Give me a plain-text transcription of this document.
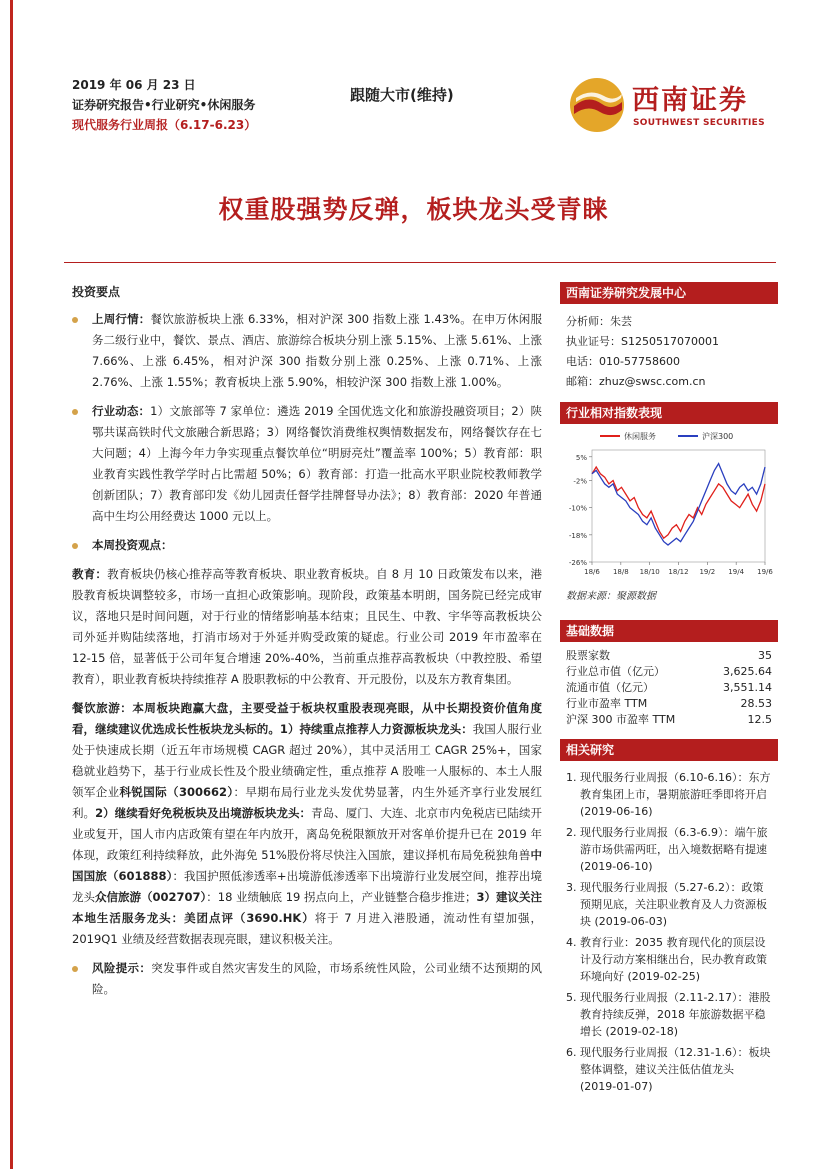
2019 年 06 月 23 日
证券研究报告•行业研究•休闲服务
现代服务行业周报（6.17-6.23）
跟随大市(维持)	西南证券
SOUTHWEST SECURITIES
权重股强势反弹，板块龙头受青睐
投资要点
上周行情：餐饮旅游板块上涨 6.33%，相对沪深 300 指数上涨 1.43%。在申万休闲服务二级行业中，餐饮、景点、酒店、旅游综合板块分别上涨 5.15%、上涨 5.61%、上涨 7.66%、上涨 6.45%，相对沪深 300 指数分别上涨 0.25%、上涨 0.71%、上涨 2.76%、上涨 1.55%；教育板块上涨 5.90%，相较沪深 300 指数上涨 1.00%。
行业动态：1）文旅部等 7 家单位：遴选 2019 全国优选文化和旅游投融资项目；2）陕鄂共谋高铁时代文旅融合新思路；3）网络餐饮消费维权舆情数据发布，网络餐饮存在七大问题；4）上海今年力争实现重点餐饮单位“明厨亮灶”覆盖率 100%；5）教育部：职业教育实践性教学学时占比需超 50%；6）教育部：打造一批高水平职业院校教师教学创新团队；7）教育部印发《幼儿园责任督学挂牌督导办法》；8）教育部：2020 年普通高中生均公用经费达 1000 元以上。
本周投资观点：
教育：教育板块仍核心推荐高等教育板块、职业教育板块。自 8 月 10 日政策发布以来，港股教育板块调整较多，市场一直担心政策影响。现阶段，政策基本明朗，国务院已经完成审议，落地只是时间问题，对于行业的情绪影响基本结束；且民生、中教、宇华等高教板块公司外延并购陆续落地，打消市场对于外延并购受政策的疑虑。行业公司 2019 年市盈率在 12-15 倍，显著低于公司年复合增速 20%-40%，当前重点推荐高教板块（中教控股、希望教育），职业教育板块持续推荐 A 股职教标的中公教育、开元股份，以及东方教育集团。
餐饮旅游：本周板块跑赢大盘，主要受益于板块权重股表现亮眼，从中长期投资价值角度看，继续建议优选成长性板块龙头标的。1）持续重点推荐人力资源板块龙头：我国人服行业处于快速成长期（近五年市场规模 CAGR 超过 20%），其中灵活用工 CAGR 25%+，国家稳就业趋势下，基于行业成长性及个股业绩确定性，重点推荐 A 股唯一人服标的、本土人服领军企业科锐国际（300662）：早期布局行业龙头发优势显著，内生外延齐享行业发展红利。2）继续看好免税板块及出境游板块龙头：青岛、厦门、大连、北京市内免税店已陆续开业或复开，国人市内店政策有望在年内放开，离岛免税限额放开对客单价提升已在 2019 年体现，政策红利持续释放，此外海免 51%股份将尽快注入国旅，建议择机布局免税独角兽中国国旅（601888）：我国护照低渗透率+出境游低渗透率下出境游行业发展空间，推荐出境龙头众信旅游（002707）：18 业绩触底 19 拐点向上，产业链整合稳步推进；3）建议关注本地生活服务龙头：美团点评（3690.HK）将于 7 月进入港股通，流动性有望加强，2019Q1 业绩及经营数据表现亮眼，建议积极关注。
风险提示：突发事件或自然灾害发生的风险，市场系统性风险，公司业绩不达预期的风险。
西南证券研究发展中心
分析师：朱芸
执业证号：S1250517070001
电话：010-57758600
邮箱：zhuz@swsc.com.cn
行业相对指数表现
5%
-2%
-10%
-18%
-26%
18/6 18/8 18/10 18/12 19/2 19/4 19/6
休闲服务	沪深300
数据来源：聚源数据
基础数据
股票家数	35
行业总市值（亿元）	3,625.64
流通市值（亿元）	3,551.14
行业市盈率 TTM	28.53
沪深 300 市盈率 TTM	12.5
相关研究
1. 现代服务行业周报（6.10-6.16）：东方教育集团上市，暑期旅游旺季即将开启 (2019-06-16)
2. 现代服务行业周报（6.3-6.9）：端午旅游市场供需两旺，出入境数据略有提速 (2019-06-10)
3. 现代服务行业周报（5.27-6.2）：政策预期见底，关注职业教育及人力资源板块 (2019-06-03)
4. 教育行业：2035 教育现代化的顶层设计及行动方案相继出台，民办教育政策环境向好 (2019-02-25)
5. 现代服务行业周报（2.11-2.17）：港股教育持续反弹，2018 年旅游数据平稳增长 (2019-02-18)
6. 现代服务行业周报（12.31-1.6）：板块整体调整，建议关注低估值龙头 (2019-01-07)
